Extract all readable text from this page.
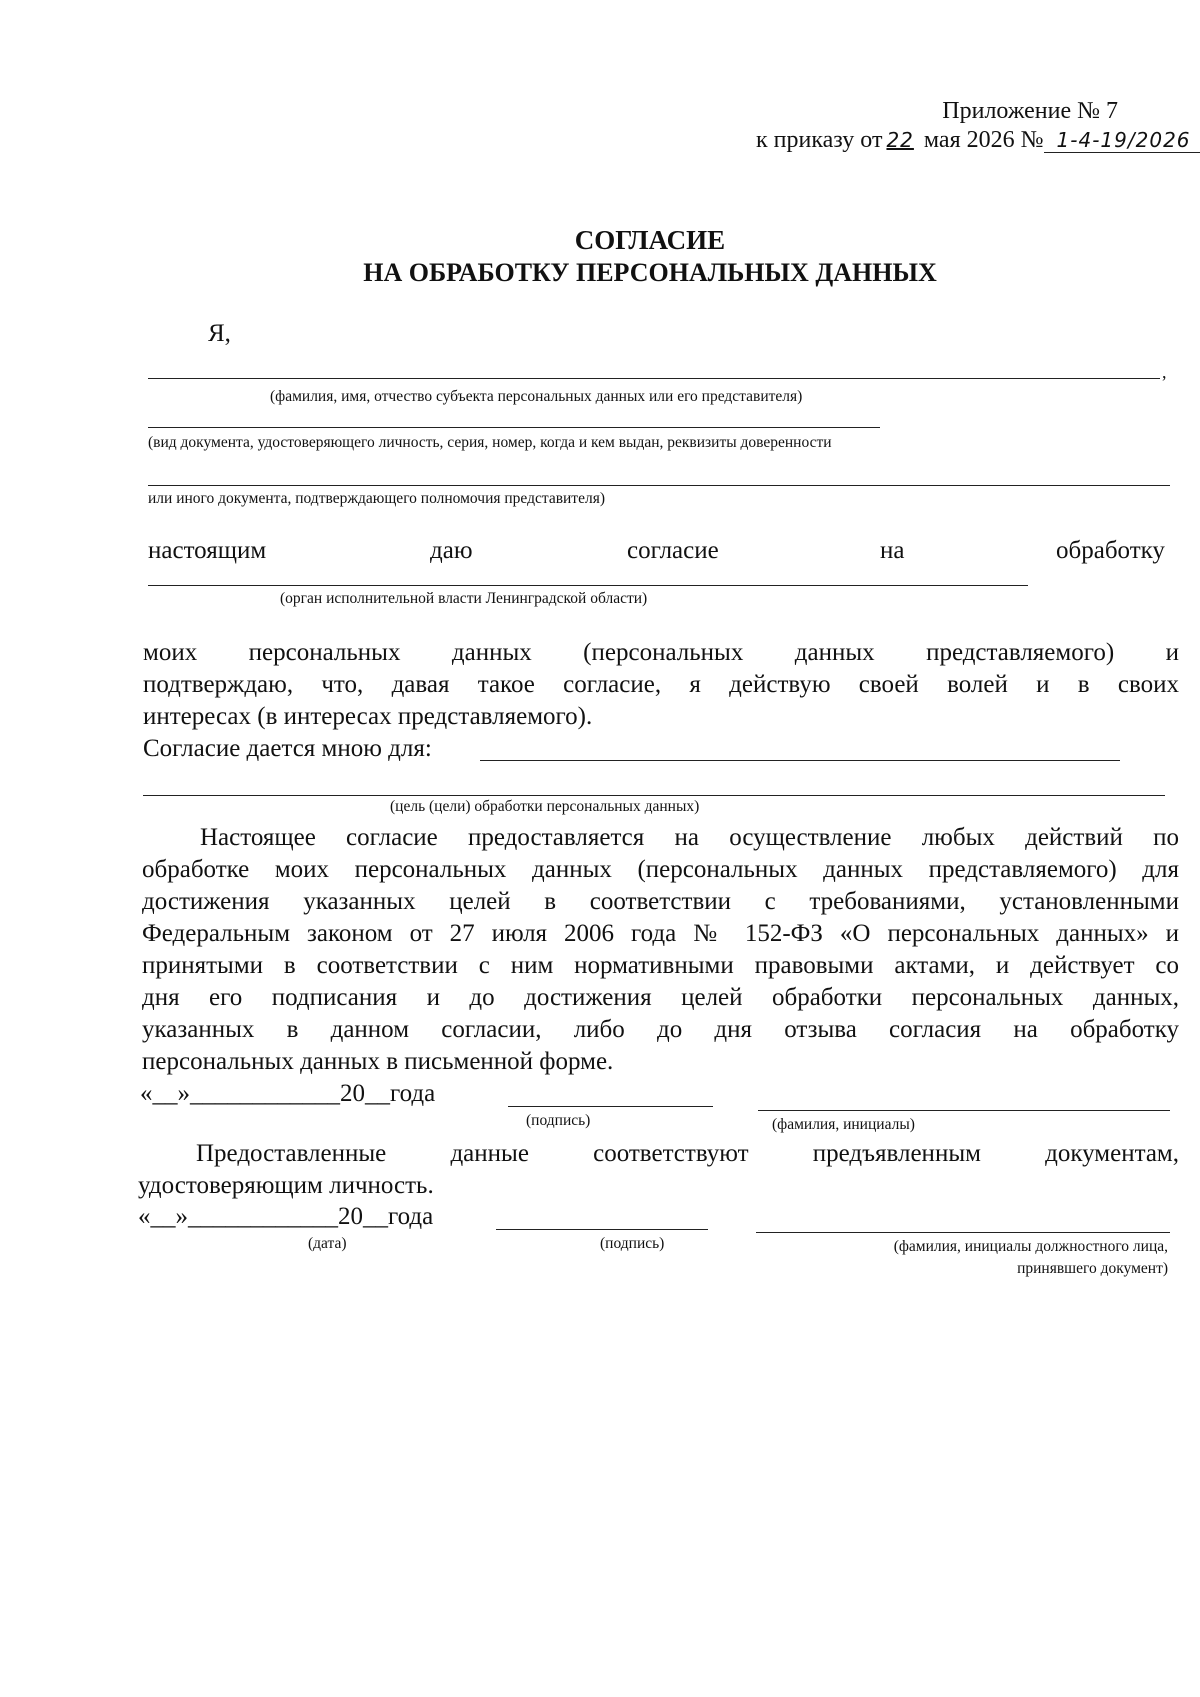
Приложение № 7
к приказу от 22 мая 2026 № 1-4-19/2026
СОГЛАСИЕ
НА ОБРАБОТКУ ПЕРСОНАЛЬНЫХ ДАННЫХ
Я,
,
(фамилия, имя, отчество субъекта персональных данных или его представителя)
(вид документа, удостоверяющего личность, серия, номер, когда и кем выдан, реквизиты доверенности
или иного документа, подтверждающего полномочия представителя)
настоящим	даю	согласие	на	обработку
(орган исполнительной власти Ленинградской области)
моих персональных данных (персональных данных представляемого) и
подтверждаю, что, давая такое согласие, я действую своей волей и в своих
интересах (в интересах представляемого).
Согласие дается мною для:
(цель (цели) обработки персональных данных)
Настоящее согласие предоставляется на осуществление любых действий по
обработке моих персональных данных (персональных данных представляемого) для
достижения указанных целей в соответствии с требованиями, установленными
Федеральным законом от 27 июля 2006 года № 152-ФЗ «О персональных данных» и
принятыми в соответствии с ним нормативными правовыми актами, и действует со
дня его подписания и до достижения целей обработки персональных данных,
указанных в данном согласии, либо до дня отзыва согласия на обработку
персональных данных в письменной форме.
«__»____________20__года
(подпись)	(фамилия, инициалы)
Предоставленные данные соответствуют предъявленным документам,
удостоверяющим личность.
«__»____________20__года
(дата)	(подпись)	(фамилия, инициалы должностного лица,
принявшего документ)
